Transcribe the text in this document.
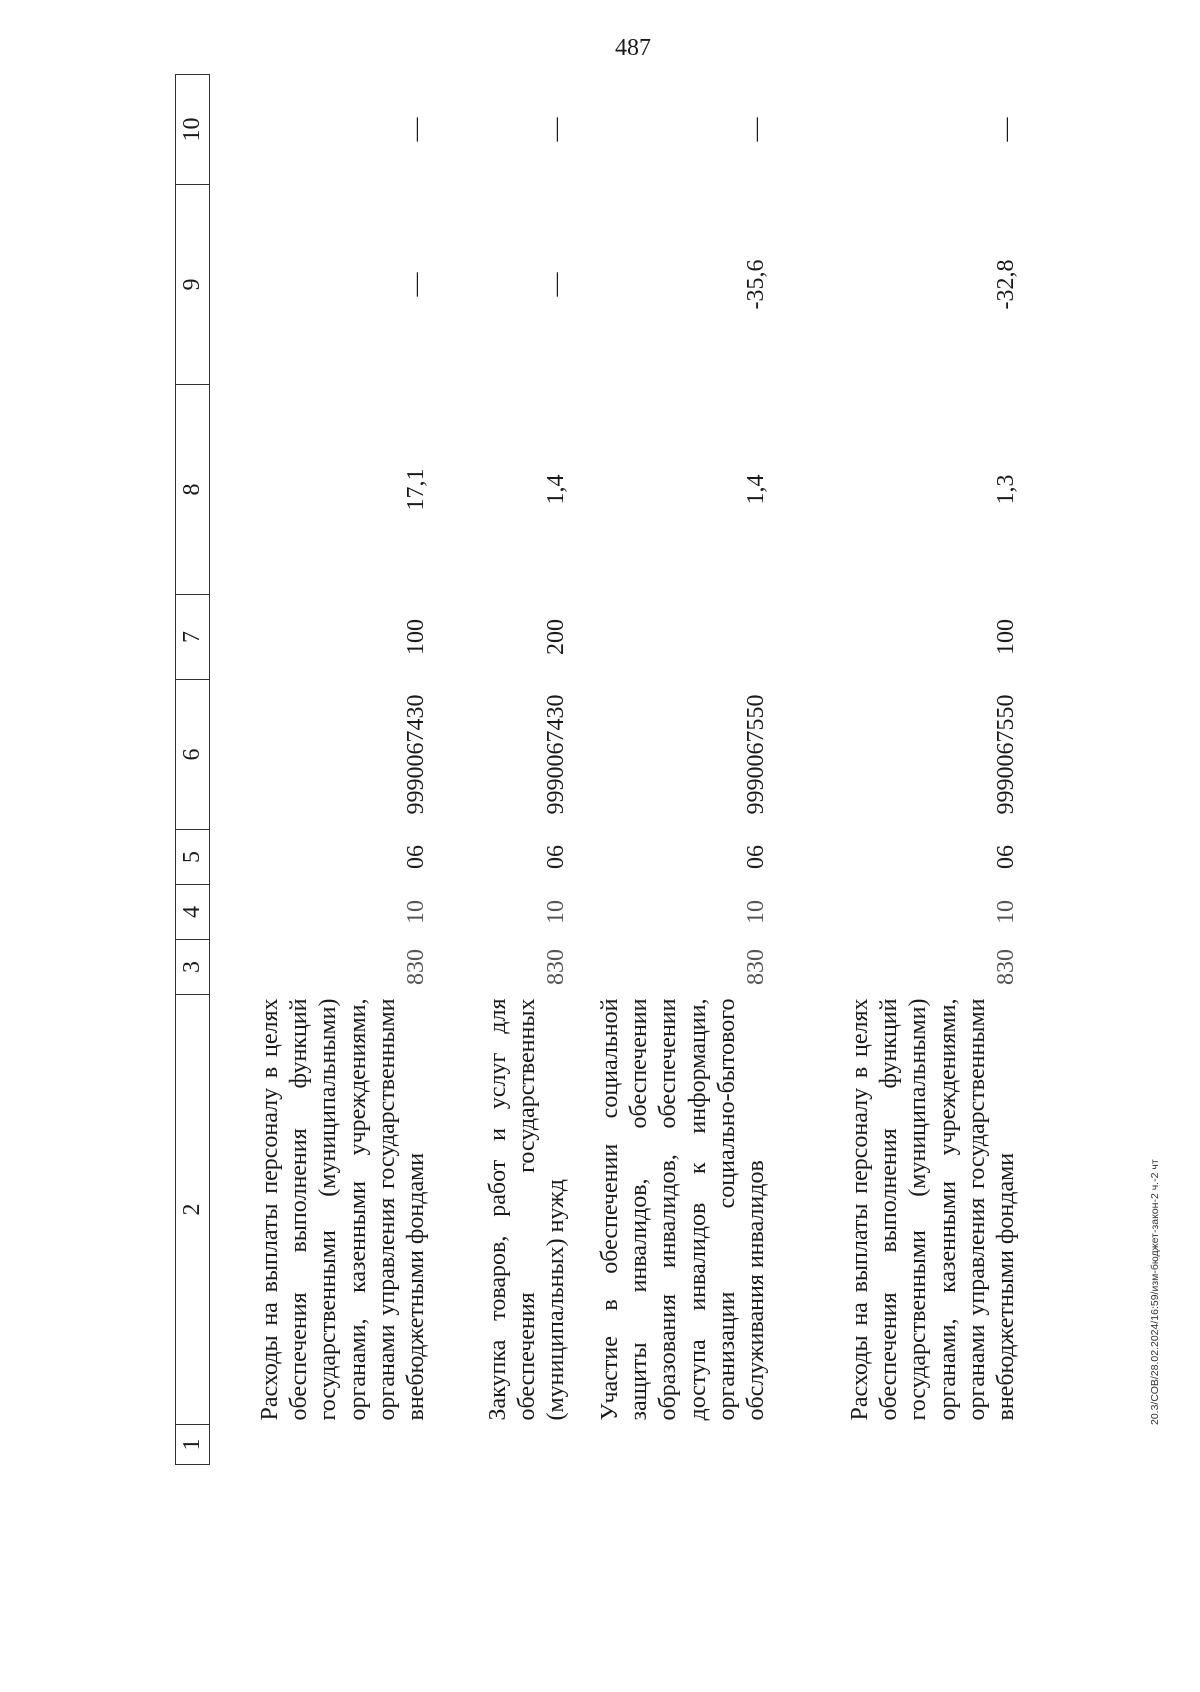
487
20.3/СОВ/28.02.2024/16:59/изм-бюджет-закон-2 ч.-2 чт
1	2	3	4	5	6	7	8	9	10

	Расходы на выплаты персоналу в целях обеспечения выполнения функций государственными (муниципальными) органами, казенными учреждениями, органами управления государственными внебюджетными фондами	830	10	06	9990067430	100	17,1	—	—

	Закупка товаров, работ и услуг для обеспечения государственных (муниципальных) нужд	830	10	06	9990067430	200	1,4	—	—

	Участие в обеспечении социальной защиты инвалидов, обеспечении образования инвалидов, обеспечении доступа инвалидов к информации, организации социально-бытового обслуживания инвалидов	830	10	06	9990067550		1,4	-35,6	—

	Расходы на выплаты персоналу в целях обеспечения выполнения функций государственными (муниципальными) органами, казенными учреждениями, органами управления государственными внебюджетными фондами	830	10	06	9990067550	100	1,3	-32,8	—
